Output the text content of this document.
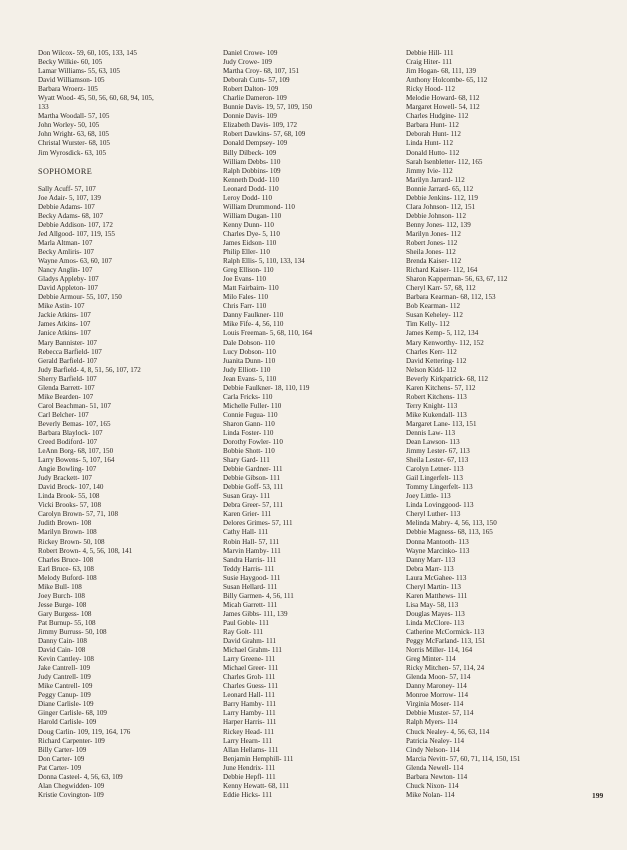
Don Wilcox- 59, 60, 105, 133, 145
Becky Wilkie- 60, 105
Lamar Williams- 55, 63, 105
David Williamson- 105
Barbara Wroerz- 105
Wyatt Wood- 45, 50, 56, 60, 68, 94, 105,
133
Martha Woodall- 57, 105
John Worley- 50, 105
John Wright- 63, 68, 105
Christal Wurster- 68, 105
Jim Wyrosdick- 63, 105
SOPHOMORE
Sally Acuff- 57, 107
Joe Adair- 5, 107, 139
Debbie Adams- 107
Becky Adams- 68, 107
Debbie Addison- 107, 172
Jed Allgood- 107, 119, 155
Marla Altman- 107
Becky Amliris- 107
Wayne Amos- 63, 60, 107
Nancy Anglin- 107
Gladys Appleby- 107
David Appleton- 107
Debbie Armour- 55, 107, 150
Mike Astin- 107
Jackie Atkins- 107
James Atkins- 107
Janice Atkins- 107
Mary Bannister- 107
Rebecca Barfield- 107
Gerald Barfield- 107
Judy Barfield- 4, 8, 51, 56, 107, 172
Sherry Barfield- 107
Glenda Barrett- 107
Mike Bearden- 107
Carol Beachman- 51, 107
Carl Belcher- 107
Beverly Bemas- 107, 165
Barbara Blaylock- 107
Creed Bodiford- 107
LeAnn Borg- 68, 107, 150
Larry Bowens- 5, 107, 164
Angie Bowling- 107
Judy Brackett- 107
David Brock- 107, 140
Linda Brook- 55, 108
Vicki Brooks- 57, 108
Carolyn Brown- 57, 71, 108
Judith Brown- 108
Marilyn Brown- 108
Rickey Brown- 50, 108
Robert Brown- 4, 5, 56, 108, 141
Charles Bruce- 108
Earl Bruce- 63, 108
Melody Buford- 108
Mike Bull- 108
Joey Burch- 108
Jesse Burge- 108
Gary Burgess- 108
Pat Burnup- 55, 108
Jimmy Burruss- 50, 108
Danny Cain- 108
David Cain- 108
Kevin Cantley- 108
Jake Cantrell- 109
Judy Cantrell- 109
Mike Cantrell- 109
Peggy Canup- 109
Diane Carlisle- 109
Ginger Carlisle- 68, 109
Harold Carlisle- 109
Doug Carlin- 109, 119, 164, 176
Richard Carpenter- 109
Billy Carter- 109
Don Carter- 109
Pat Carter- 109
Donna Casteel- 4, 56, 63, 109
Alan Chegwidden- 109
Kristie Covington- 109
Daniel Crowe- 109
Judy Crowe- 109
Martha Croy- 68, 107, 151
Deborah Cutts- 57, 109
Robert Dalton- 109
Charlie Dameron- 109
Bunnie Davis- 19, 57, 109, 150
Donnie Davis- 109
Elizabeth Davis- 109, 172
Robert Dawkins- 57, 68, 109
Donald Dempsey- 109
Billy Dilbeck- 109
William Debbs- 110
Ralph Dobbins- 109
Kenneth Dodd- 110
Leonard Dodd- 110
Leroy Dodd- 110
William Drummond- 110
William Dugan- 110
Kenny Dunn- 110
Charles Dye- 5, 110
James Eidson- 110
Philip Eller- 110
Ralph Ellis- 5, 110, 133, 134
Greg Ellison- 110
Joe Evans- 110
Matt Fairbairn- 110
Milo Fales- 110
Chris Farr- 110
Danny Faulkner- 110
Mike Fife- 4, 56, 110
Louis Freeman- 5, 68, 110, 164
Dale Dobson- 110
Lucy Dobson- 110
Juanita Dunn- 110
Judy Elliott- 110
Jean Evans- 5, 110
Debbie Faulkner- 18, 110, 119
Carla Fricks- 110
Michelle Fuller- 110
Connie Fugua- 110
Sharon Gann- 110
Linda Foster- 110
Dorothy Fowler- 110
Bobbie Shott- 110
Shary Gard- 111
Debbie Gardner- 111
Debbie Gibson- 111
Debbie Goff- 53, 111
Susan Gray- 111
Debra Greer- 57, 111
Karen Grier- 111
Delores Grimes- 57, 111
Cathy Hall- 111
Robin Hall- 57, 111
Marvin Hamby- 111
Sandra Harris- 111
Teddy Harris- 111
Susie Haygood- 111
Susan Hellard- 111
Billy Garmen- 4, 56, 111
Micah Garrett- 111
James Gibbs- 111, 139
Paul Goble- 111
Ray Golt- 111
David Grahm- 111
Michael Grahm- 111
Larry Greene- 111
Michael Greer- 111
Charles Groh- 111
Charles Guess- 111
Leonard Hall- 111
Barry Hamby- 111
Larry Hamby- 111
Harper Harris- 111
Rickey Head- 111
Larry Hearn- 111
Allan Hellams- 111
Benjamin Hemphill- 111
June Hendrix- 111
Debbie Hepfl- 111
Kenny Hewatt- 68, 111
Eddie Hicks- 111
Debbie Hill- 111
Craig Hiter- 111
Jim Hogan- 68, 111, 139
Anthony Holcombe- 65, 112
Ricky Hood- 112
Melodie Howard- 68, 112
Margaret Howell- 54, 112
Charles Hudgine- 112
Barbara Hunt- 112
Deborah Hunt- 112
Linda Hunt- 112
Donald Hutto- 112
Sarah Isenbletter- 112, 165
Jimmy Ivie- 112
Marilyn Jarrard- 112
Bonnie Jarrard- 65, 112
Debbie Jenkins- 112, 119
Clara Johnson- 112, 151
Debbie Johnson- 112
Benny Jones- 112, 139
Marilyn Jones- 112
Robert Jones- 112
Sheila Jones- 112
Brenda Kaiser- 112
Richard Kaiser- 112, 164
Sharon Kapperman- 56, 63, 67, 112
Cheryl Karr- 57, 68, 112
Barbara Kearman- 68, 112, 153
Bob Kearman- 112
Susan Keheley- 112
Tim Kelly- 112
James Kemp- 5, 112, 134
Mary Kenworthy- 112, 152
Charles Kerr- 112
David Kettering- 112
Nelson Kidd- 112
Beverly Kirkpatrick- 68, 112
Karen Kitchens- 57, 112
Robert Kitchens- 113
Terry Knight- 113
Mike Kukendall- 113
Margaret Lane- 113, 151
Dennis Law- 113
Dean Lawson- 113
Jimmy Lester- 67, 113
Sheila Lester- 67, 113
Carolyn Letner- 113
Gail Lingerfelt- 113
Tommy Lingerfelt- 113
Joey Little- 113
Linda Lovinggood- 113
Cheryl Luther- 113
Melinda Mabry- 4, 56, 113, 150
Debbie Magness- 68, 113, 165
Donna Mantooth- 113
Wayne Marcinko- 113
Danny Marr- 113
Debra Marr- 113
Laura McGahee- 113
Cheryl Martin- 113
Karen Matthews- 111
Lisa May- 58, 113
Douglas Mayes- 113
Linda McClore- 113
Catherine McCormick- 113
Peggy McFarland- 113, 151
Norris Miller- 114, 164
Greg Minter- 114
Ricky Mitchen- 57, 114, 24
Glenda Moon- 57, 114
Danny Maroney- 114
Monroe Morrow- 114
Virginia Moser- 114
Debbie Muster- 57, 114
Ralph Myers- 114
Chuck Nealey- 4, 56, 63, 114
Patricia Nealey- 114
Cindy Nelson- 114
Marcia Nevitt- 57, 60, 71, 114, 150, 151
Glenda Newell- 114
Barbara Newton- 114
Chuck Nixon- 114
Mike Nolan- 114	199
